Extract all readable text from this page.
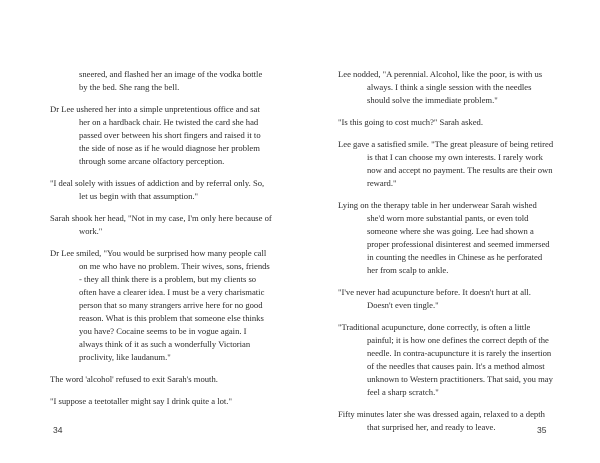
sneered, and flashed her an image of the vodka bottle by the bed. She rang the bell.

Dr Lee ushered her into a simple unpretentious office and sat her on a hardback chair. He twisted the card she had passed over between his short fingers and raised it to the side of nose as if he would diagnose her problem through some arcane olfactory perception.

"I deal solely with issues of addiction and by referral only. So, let us begin with that assumption."

Sarah shook her head, "Not in my case, I'm only here because of work."

Dr Lee smiled, "You would be surprised how many people call on me who have no problem. Their wives, sons, friends - they all think there is a problem, but my clients so often have a clearer idea. I must be a very charismatic person that so many strangers arrive here for no good reason. What is this problem that someone else thinks you have? Cocaine seems to be in vogue again. I always think of it as such a wonderfully Victorian proclivity, like laudanum."

The word 'alcohol' refused to exit Sarah's mouth.

"I suppose a teetotaller might say I drink quite a lot."

34

Lee nodded, "A perennial. Alcohol, like the poor, is with us always. I think a single session with the needles should solve the immediate problem."

"Is this going to cost much?" Sarah asked.

Lee gave a satisfied smile. "The great pleasure of being retired is that I can choose my own interests. I rarely work now and accept no payment. The results are their own reward."

Lying on the therapy table in her underwear Sarah wished she'd worn more substantial pants, or even told someone where she was going. Lee had shown a proper professional disinterest and seemed immersed in counting the needles in Chinese as he perforated her from scalp to ankle.

"I've never had acupuncture before. It doesn't hurt at all. Doesn't even tingle."

"Traditional acupuncture, done correctly, is often a little painful; it is how one defines the correct depth of the needle. In contra-acupuncture it is rarely the insertion of the needles that causes pain. It's a method almost unknown to Western practitioners. That said, you may feel a sharp scratch."

Fifty minutes later she was dressed again, relaxed to a depth that surprised her, and ready to leave.	35
